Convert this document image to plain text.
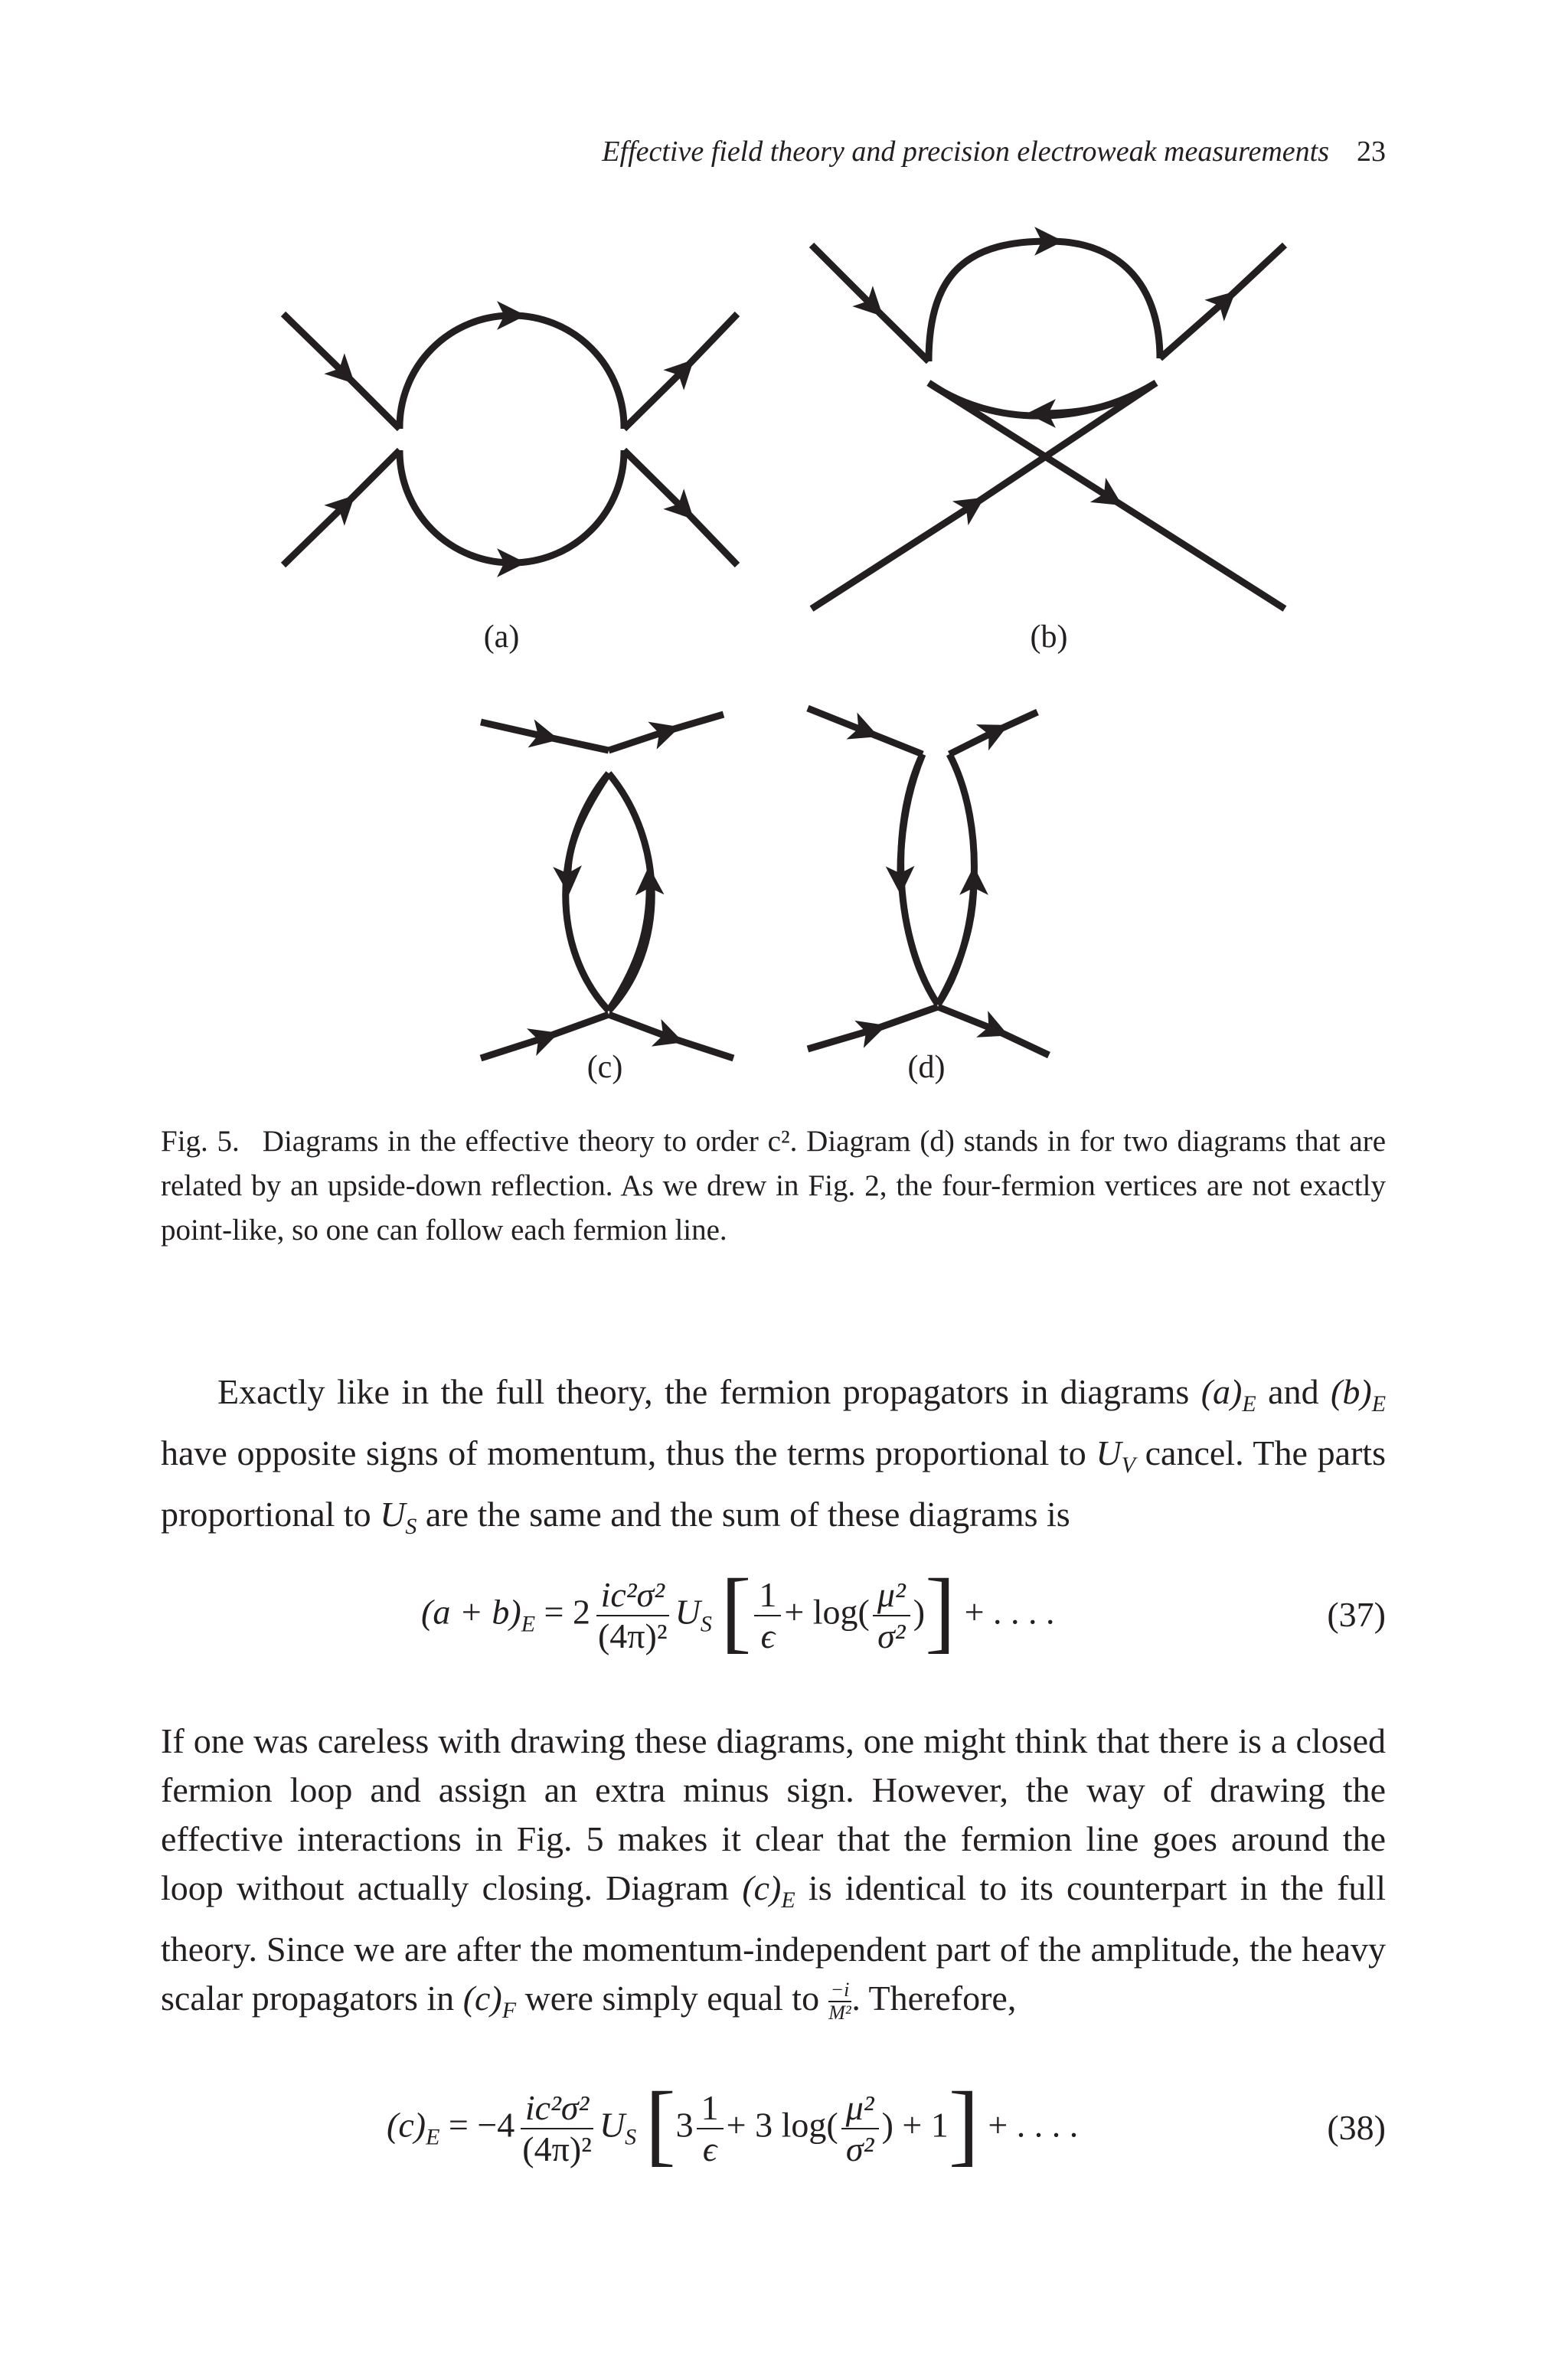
Effective field theory and precision electroweak measurements 23
(a)	(b)
(c)	(d)
Fig. 5. Diagrams in the effective theory to order c². Diagram (d) stands in for two diagrams that are related by an upside-down reflection. As we drew in Fig. 2, the four-fermion vertices are not exactly point-like, so one can follow each fermion line.

Exactly like in the full theory, the fermion propagators in diagrams $(a)_E$ and $(b)_E$ have opposite signs of momentum, thus the terms proportional to $U_V$ cancel. The parts proportional to $U_S$ are the same and the sum of these diagrams is

$(a + b)_E = 2 \frac{\text{ic²σ²}}{\text{(4π)²}} U_S$ [ $\frac{1}{\epsilon} + \log( \frac{\text{μ²}}{\text{σ²}}$ )] + . . . .	(37)

If one was careless with drawing these diagrams, one might think that there is a closed fermion loop and assign an extra minus sign. However, the way of drawing the effective interactions in Fig. 5 makes it clear that the fermion line goes around the loop without actually closing. Diagram $(c)_E$ is identical to its counterpart in the full theory. Since we are after the momentum-independent part of the amplitude, the heavy scalar propagators in $(c)_F$ were simply equal to $\frac{-i}{\text{M²}}$ . Therefore,

$(c)_E = -4 \frac{\text{ic²σ²}}{\text{(4π)²}} U_S$ [$3 \frac{1}{\epsilon} + 3$ $\log( \frac{\text{μ²}}{\text{σ²}}$ ) + 1] + . . . .	(38)
